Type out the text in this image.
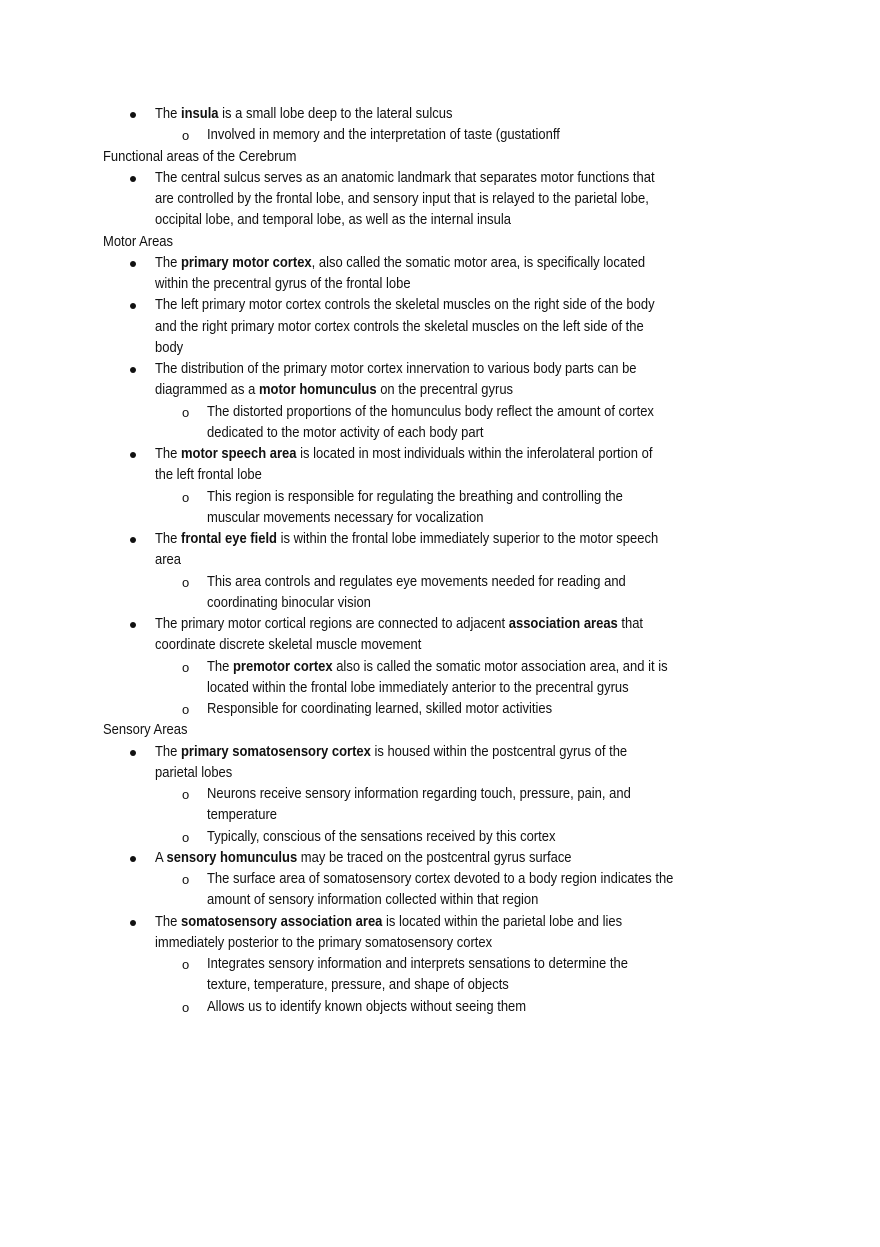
The insula is a small lobe deep to the lateral sulcus
o Involved in memory and the interpretation of taste (gustationff
Functional areas of the Cerebrum
The central sulcus serves as an anatomic landmark that separates motor functions that
are controlled by the frontal lobe, and sensory input that is relayed to the parietal lobe,
occipital lobe, and temporal lobe, as well as the internal insula
Motor Areas
The primary motor cortex, also called the somatic motor area, is specifically located
within the precentral gyrus of the frontal lobe
The left primary motor cortex controls the skeletal muscles on the right side of the body
and the right primary motor cortex controls the skeletal muscles on the left side of the
body
The distribution of the primary motor cortex innervation to various body parts can be
diagrammed as a motor homunculus on the precentral gyrus
o The distorted proportions of the homunculus body reflect the amount of cortex
dedicated to the motor activity of each body part
The motor speech area is located in most individuals within the inferolateral portion of
the left frontal lobe
o This region is responsible for regulating the breathing and controlling the
muscular movements necessary for vocalization
The frontal eye field is within the frontal lobe immediately superior to the motor speech
area
o This area controls and regulates eye movements needed for reading and
coordinating binocular vision
The primary motor cortical regions are connected to adjacent association areas that
coordinate discrete skeletal muscle movement
o The premotor cortex also is called the somatic motor association area, and it is
located within the frontal lobe immediately anterior to the precentral gyrus
o Responsible for coordinating learned, skilled motor activities
Sensory Areas
The primary somatosensory cortex is housed within the postcentral gyrus of the
parietal lobes
o Neurons receive sensory information regarding touch, pressure, pain, and
temperature
o Typically, conscious of the sensations received by this cortex
A sensory homunculus may be traced on the postcentral gyrus surface
o The surface area of somatosensory cortex devoted to a body region indicates the
amount of sensory information collected within that region
The somatosensory association area is located within the parietal lobe and lies
immediately posterior to the primary somatosensory cortex
o Integrates sensory information and interprets sensations to determine the
texture, temperature, pressure, and shape of objects
o Allows us to identify known objects without seeing them
